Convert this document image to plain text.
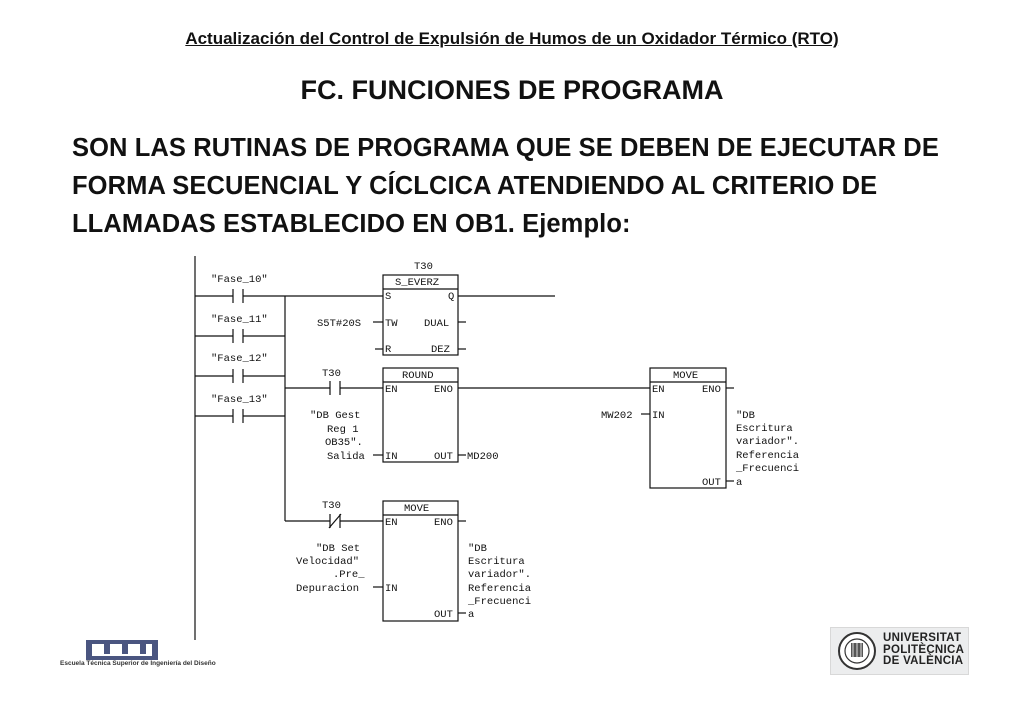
Actualización del Control de Expulsión de Humos de un Oxidador Térmico (RTO)
FC. FUNCIONES DE PROGRAMA
SON LAS RUTINAS DE PROGRAMA QUE SE DEBEN DE EJECUTAR DE
FORMA SECUENCIAL Y CÍCLCICA ATENDIENDO AL CRITERIO DE
LLAMADAS ESTABLECIDO EN OB1. Ejemplo:
"Fase_10"
"Fase_11"
"Fase_12"
"Fase_13"
T30
S_EVERZ
S	Q
TW	DUAL
R	DEZ
S5T#20S
T30	ROUND
EN	ENO
IN	OUT MD200
"DB Gest
Reg 1
OB35".
Salida
MOVE
EN	ENO
IN
OUT
MW202	"DB
Escritura
variador".
Referencia
_Frecuenci
a
T30	MOVE
EN	ENO
IN
OUT
"DB Set
Velocidad"
.Pre_
Depuracion
"DB
Escritura
variador".
Referencia
_Frecuenci
a
Escuela Técnica Superior de Ingeniería del Diseño
UNIVERSITAT
POLITÈCNICA
DE VALÈNCIA
